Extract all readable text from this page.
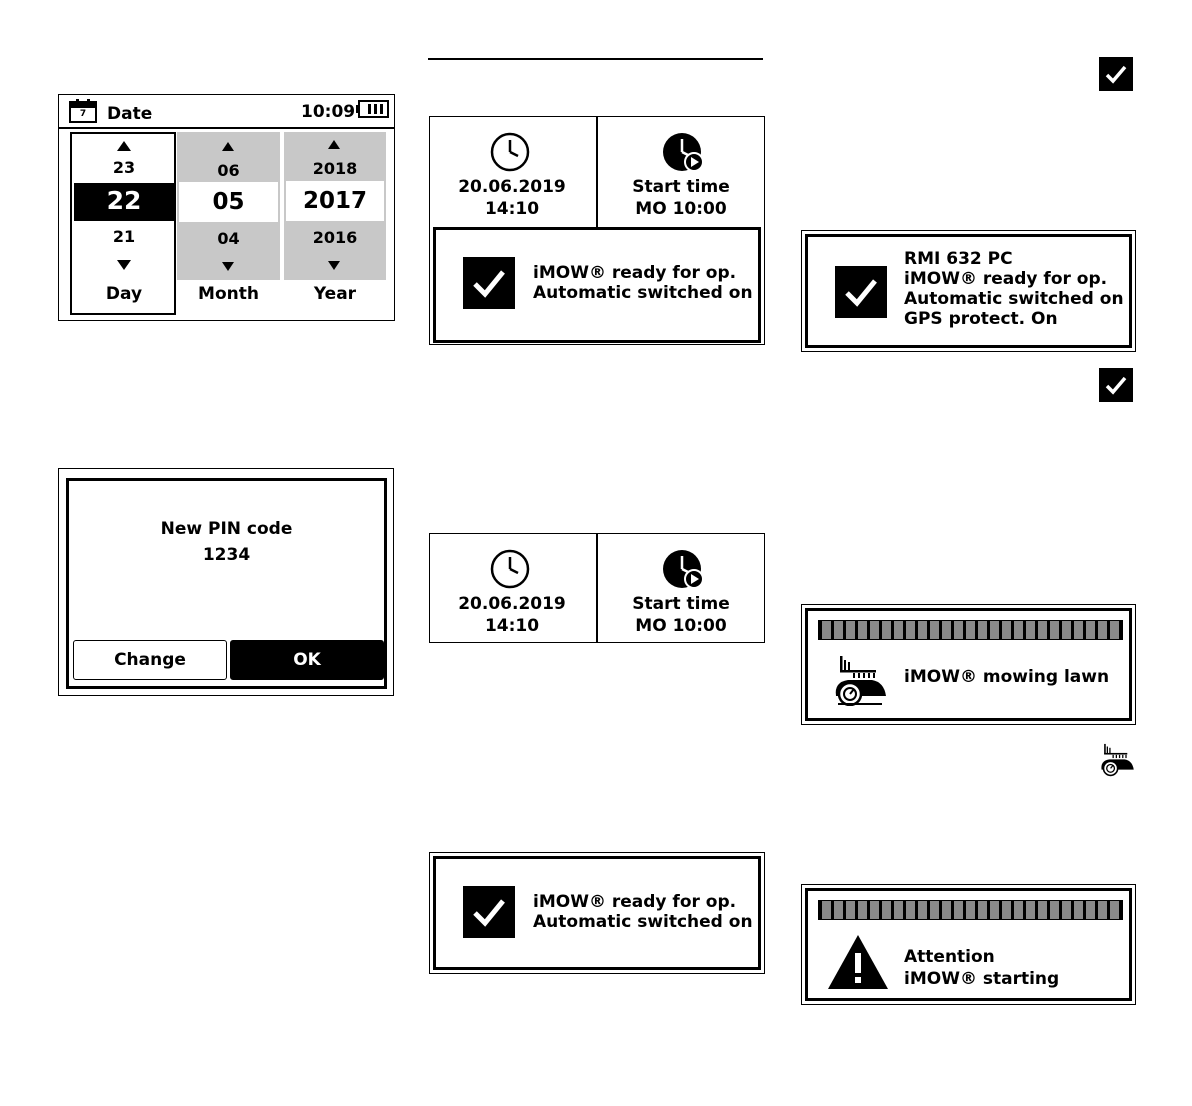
7	Date	10:09
23
22
21
Day
06
05
04
Month
2018
2017
2016
Year
New PIN code
1234
Change	OK
20.06.2019
14:10
Start time
MO 10:00
iMOW® ready for op.
Automatic switched on
20.06.2019
14:10
Start time
MO 10:00
iMOW® ready for op.
Automatic switched on
RMI 632 PC
iMOW® ready for op.
Automatic switched on
GPS protect. On
iMOW® mowing lawn
Attention
iMOW® starting
